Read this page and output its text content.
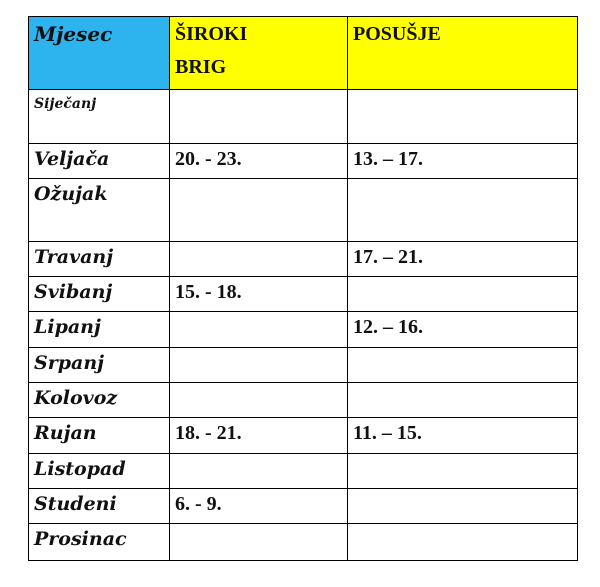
Mjesec	ŠIROKI BRIG	POSUŠJE

Siječanj		

Veljača	20. - 23.	13. – 17.
Ožujak		
Travanj		17. – 21.
Svibanj	15. - 18.	
Lipanj		12. – 16.
Srpanj		
Kolovoz		
Rujan	18. - 21.	11. – 15.
Listopad		
Studeni	6. - 9.	
Prosinac		
